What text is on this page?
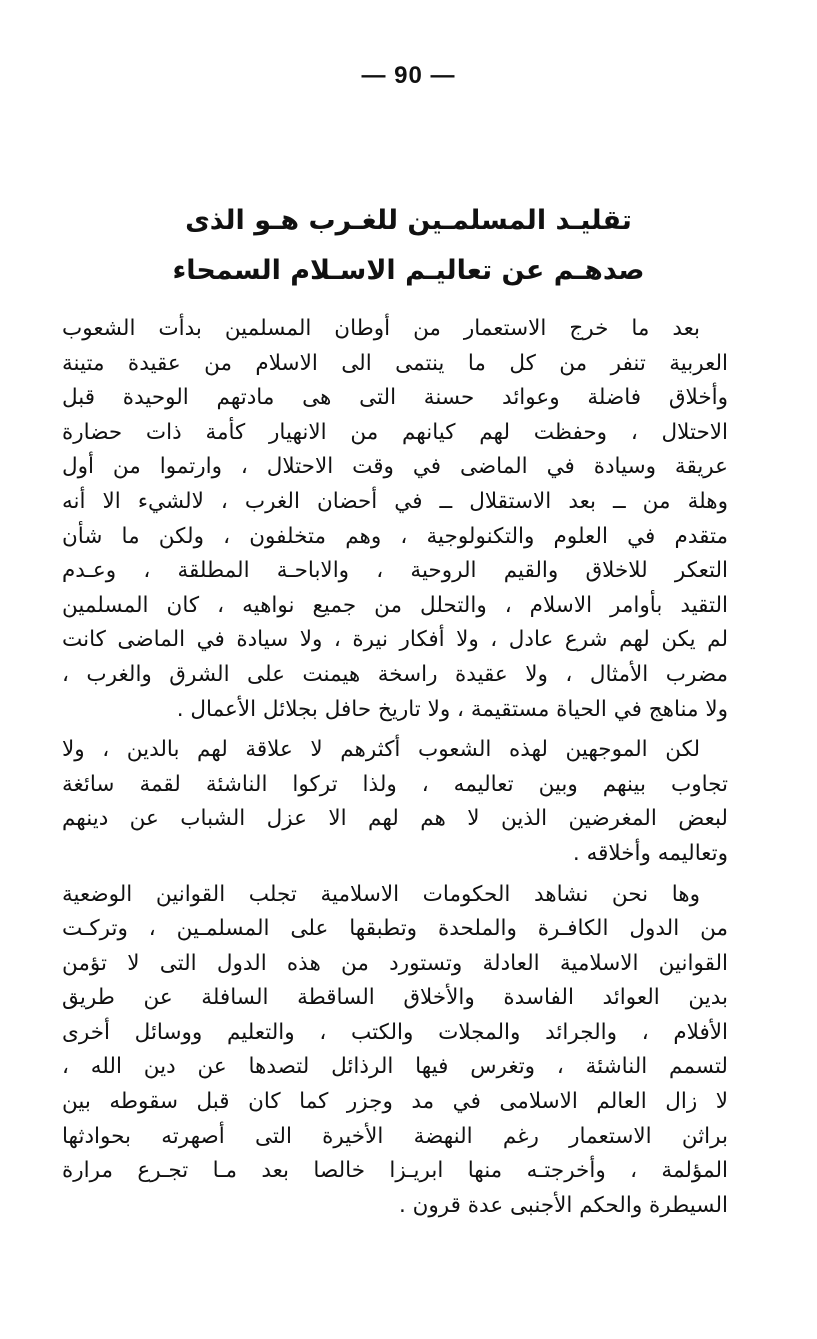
— 90 —
تقليـد المسلمـين للغـرب هـو الذى
صدهـم عن تعاليـم الاسـلام السمحاء
بعد ما خرج الاستعمار من أوطان المسلمين بدأت الشعوب
العربية تنفر من كل ما ينتمى الى الاسلام من عقيدة متينة
وأخلاق فاضلة وعوائد حسنة التى هى مادتهم الوحيدة قبل
الاحتلال ، وحفظت لهم كيانهم من الانهيار كأمة ذات حضارة
عريقة وسيادة في الماضى في وقت الاحتلال ، وارتموا من أول
وهلة من ــ بعد الاستقلال ــ في أحضان الغرب ، لالشيء الا أنه
متقدم في العلوم والتكنولوجية ، وهم متخلفون ، ولكن ما شأن
التعكر للاخلاق والقيم الروحية ، والاباحـة المطلقة ، وعـدم
التقيد بأوامر الاسلام ، والتحلل من جميع نواهيه ، كان المسلمين
لم يكن لهم شرع عادل ، ولا أفكار نيرة ، ولا سيادة في الماضى كانت
مضرب الأمثال ، ولا عقيدة راسخة هيمنت على الشرق والغرب ،
ولا مناهج في الحياة مستقيمة ، ولا تاريخ حافل بجلائل الأعمال .
لكن الموجهين لهذه الشعوب أكثرهم لا علاقة لهم بالدين ، ولا
تجاوب بينهم وبين تعاليمه ، ولذا تركوا الناشئة لقمة سائغة
لبعض المغرضين الذين لا هم لهم الا عزل الشباب عن دينهم
وتعاليمه وأخلاقه .
وها نحن نشاهد الحكومات الاسلامية تجلب القوانين الوضعية
من الدول الكافـرة والملحدة وتطبقها على المسلمـين ، وتركـت
القوانين الاسلامية العادلة وتستورد من هذه الدول التى لا تؤمن
بدين العوائد الفاسدة والأخلاق الساقطة السافلة عن طريق
الأفلام ، والجرائد والمجلات والكتب ، والتعليم ووسائل أخرى
لتسمم الناشئة ، وتغرس فيها الرذائل لتصدها عن دين الله ،
لا زال العالم الاسلامى في مد وجزر كما كان قبل سقوطه بين
براثن الاستعمار رغم النهضة الأخيرة التى أصهرته بحوادثها
المؤلمة ، وأخرجتـه منها ابريـزا خالصا بعد مـا تجـرع مرارة
السيطرة والحكم الأجنبى عدة قرون .
